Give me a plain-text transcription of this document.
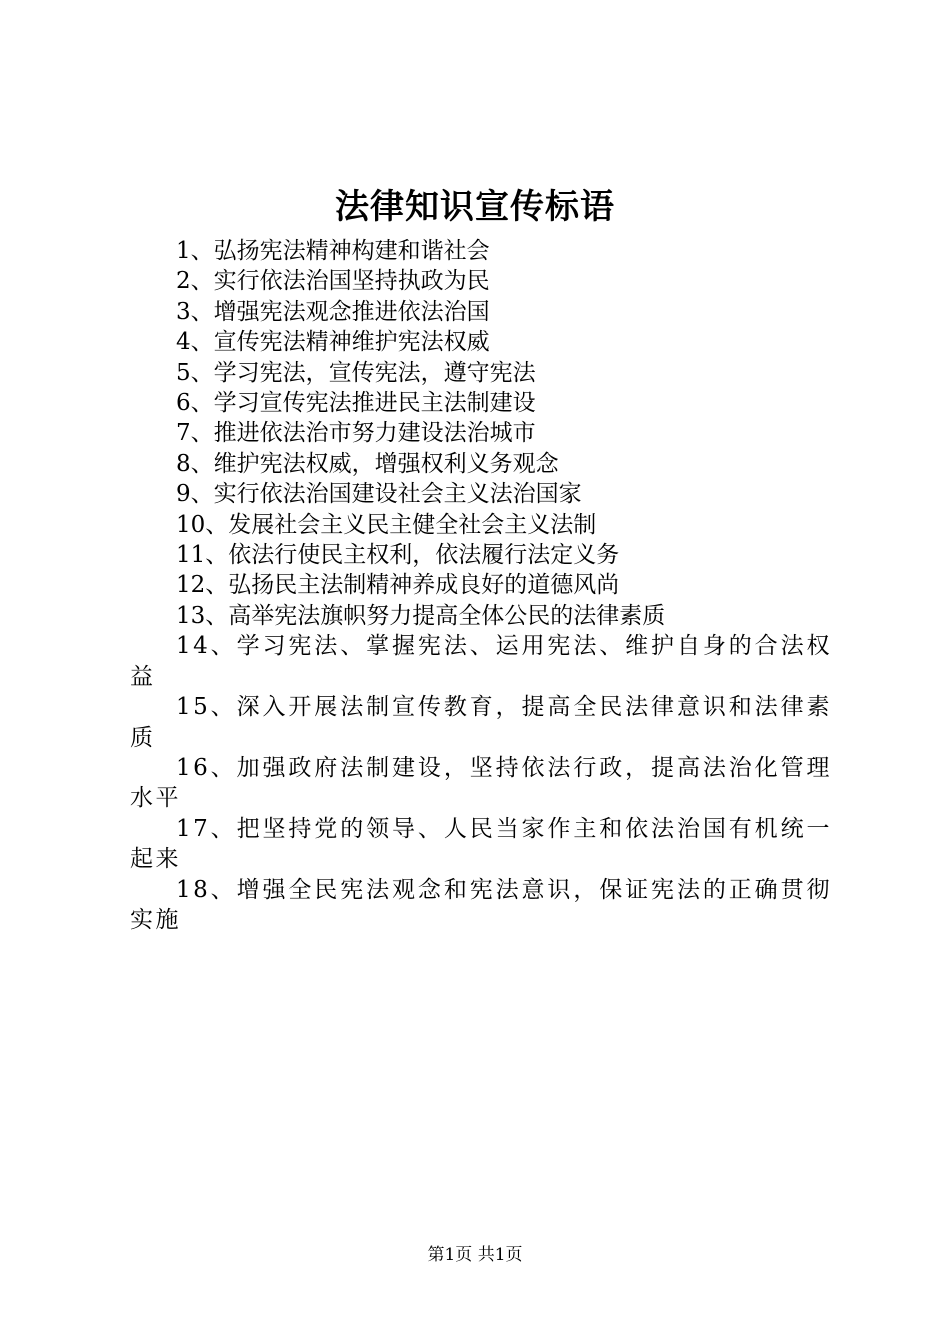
法律知识宣传标语
1、弘扬宪法精神构建和谐社会
2、实行依法治国坚持执政为民
3、增强宪法观念推进依法治国
4、宣传宪法精神维护宪法权威
5、学习宪法，宣传宪法，遵守宪法
6、学习宣传宪法推进民主法制建设
7、推进依法治市努力建设法治城市
8、维护宪法权威，增强权利义务观念
9、实行依法治国建设社会主义法治国家
10、发展社会主义民主健全社会主义法制
11、依法行使民主权利，依法履行法定义务
12、弘扬民主法制精神养成良好的道德风尚
13、高举宪法旗帜努力提高全体公民的法律素质
14、学习宪法、掌握宪法、运用宪法、维护自身的合法权益
15、深入开展法制宣传教育，提高全民法律意识和法律素质
16、加强政府法制建设，坚持依法行政，提高法治化管理水平
17、把坚持党的领导、人民当家作主和依法治国有机统一起来
18、增强全民宪法观念和宪法意识，保证宪法的正确贯彻实施
第1页 共1页
